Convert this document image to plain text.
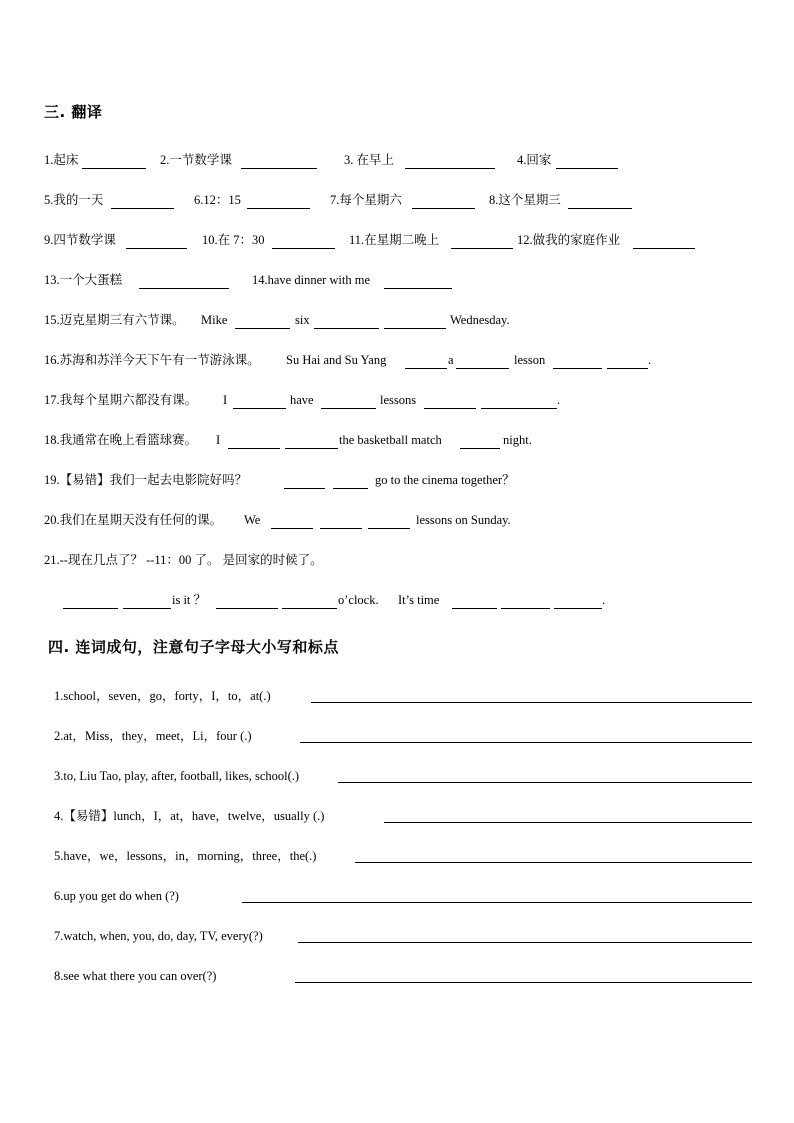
三. 翻译
1.起床	2.一节数学课	3. 在早上	4.回家
5.我的一天	6.12：15	7.每个星期六	8.这个星期三
9.四节数学课	10.在 7：30	11.在星期二晚上	12.做我的家庭作业
13.一个大蛋糕	14.have dinner with me
15.迈克星期三有六节课。 Mike	six	Wednesday.
16.苏海和苏洋今天下午有一节游泳课。 Su Hai and Su Yang	a	lesson	.
17.我每个星期六都没有课。 I	have	lessons	.
18.我通常在晚上看篮球赛。 I	the basketball match	night.
19.【易错】我们一起去电影院好吗？	go to the cinema together？
20.我们在星期天没有任何的课。 We	lessons on Sunday.
21.--现在几点了？ --11：00 了。 是回家的时候了。
is it ？	o’clock. It’s time	.
四. 连词成句，注意句子字母大小写和标点
1.school，seven，go，forty，I，to，at(.)
2.at，Miss，they，meet，Li，four (.)
3.to, Liu Tao, play, after, football, likes, school(.)
4.【易错】lunch，I，at，have，twelve，usually (.)
5.have，we，lessons，in，morning，three，the(.)
6.up you get do when (?)
7.watch, when, you, do, day, TV, every(?)
8.see what there you can over(?)
